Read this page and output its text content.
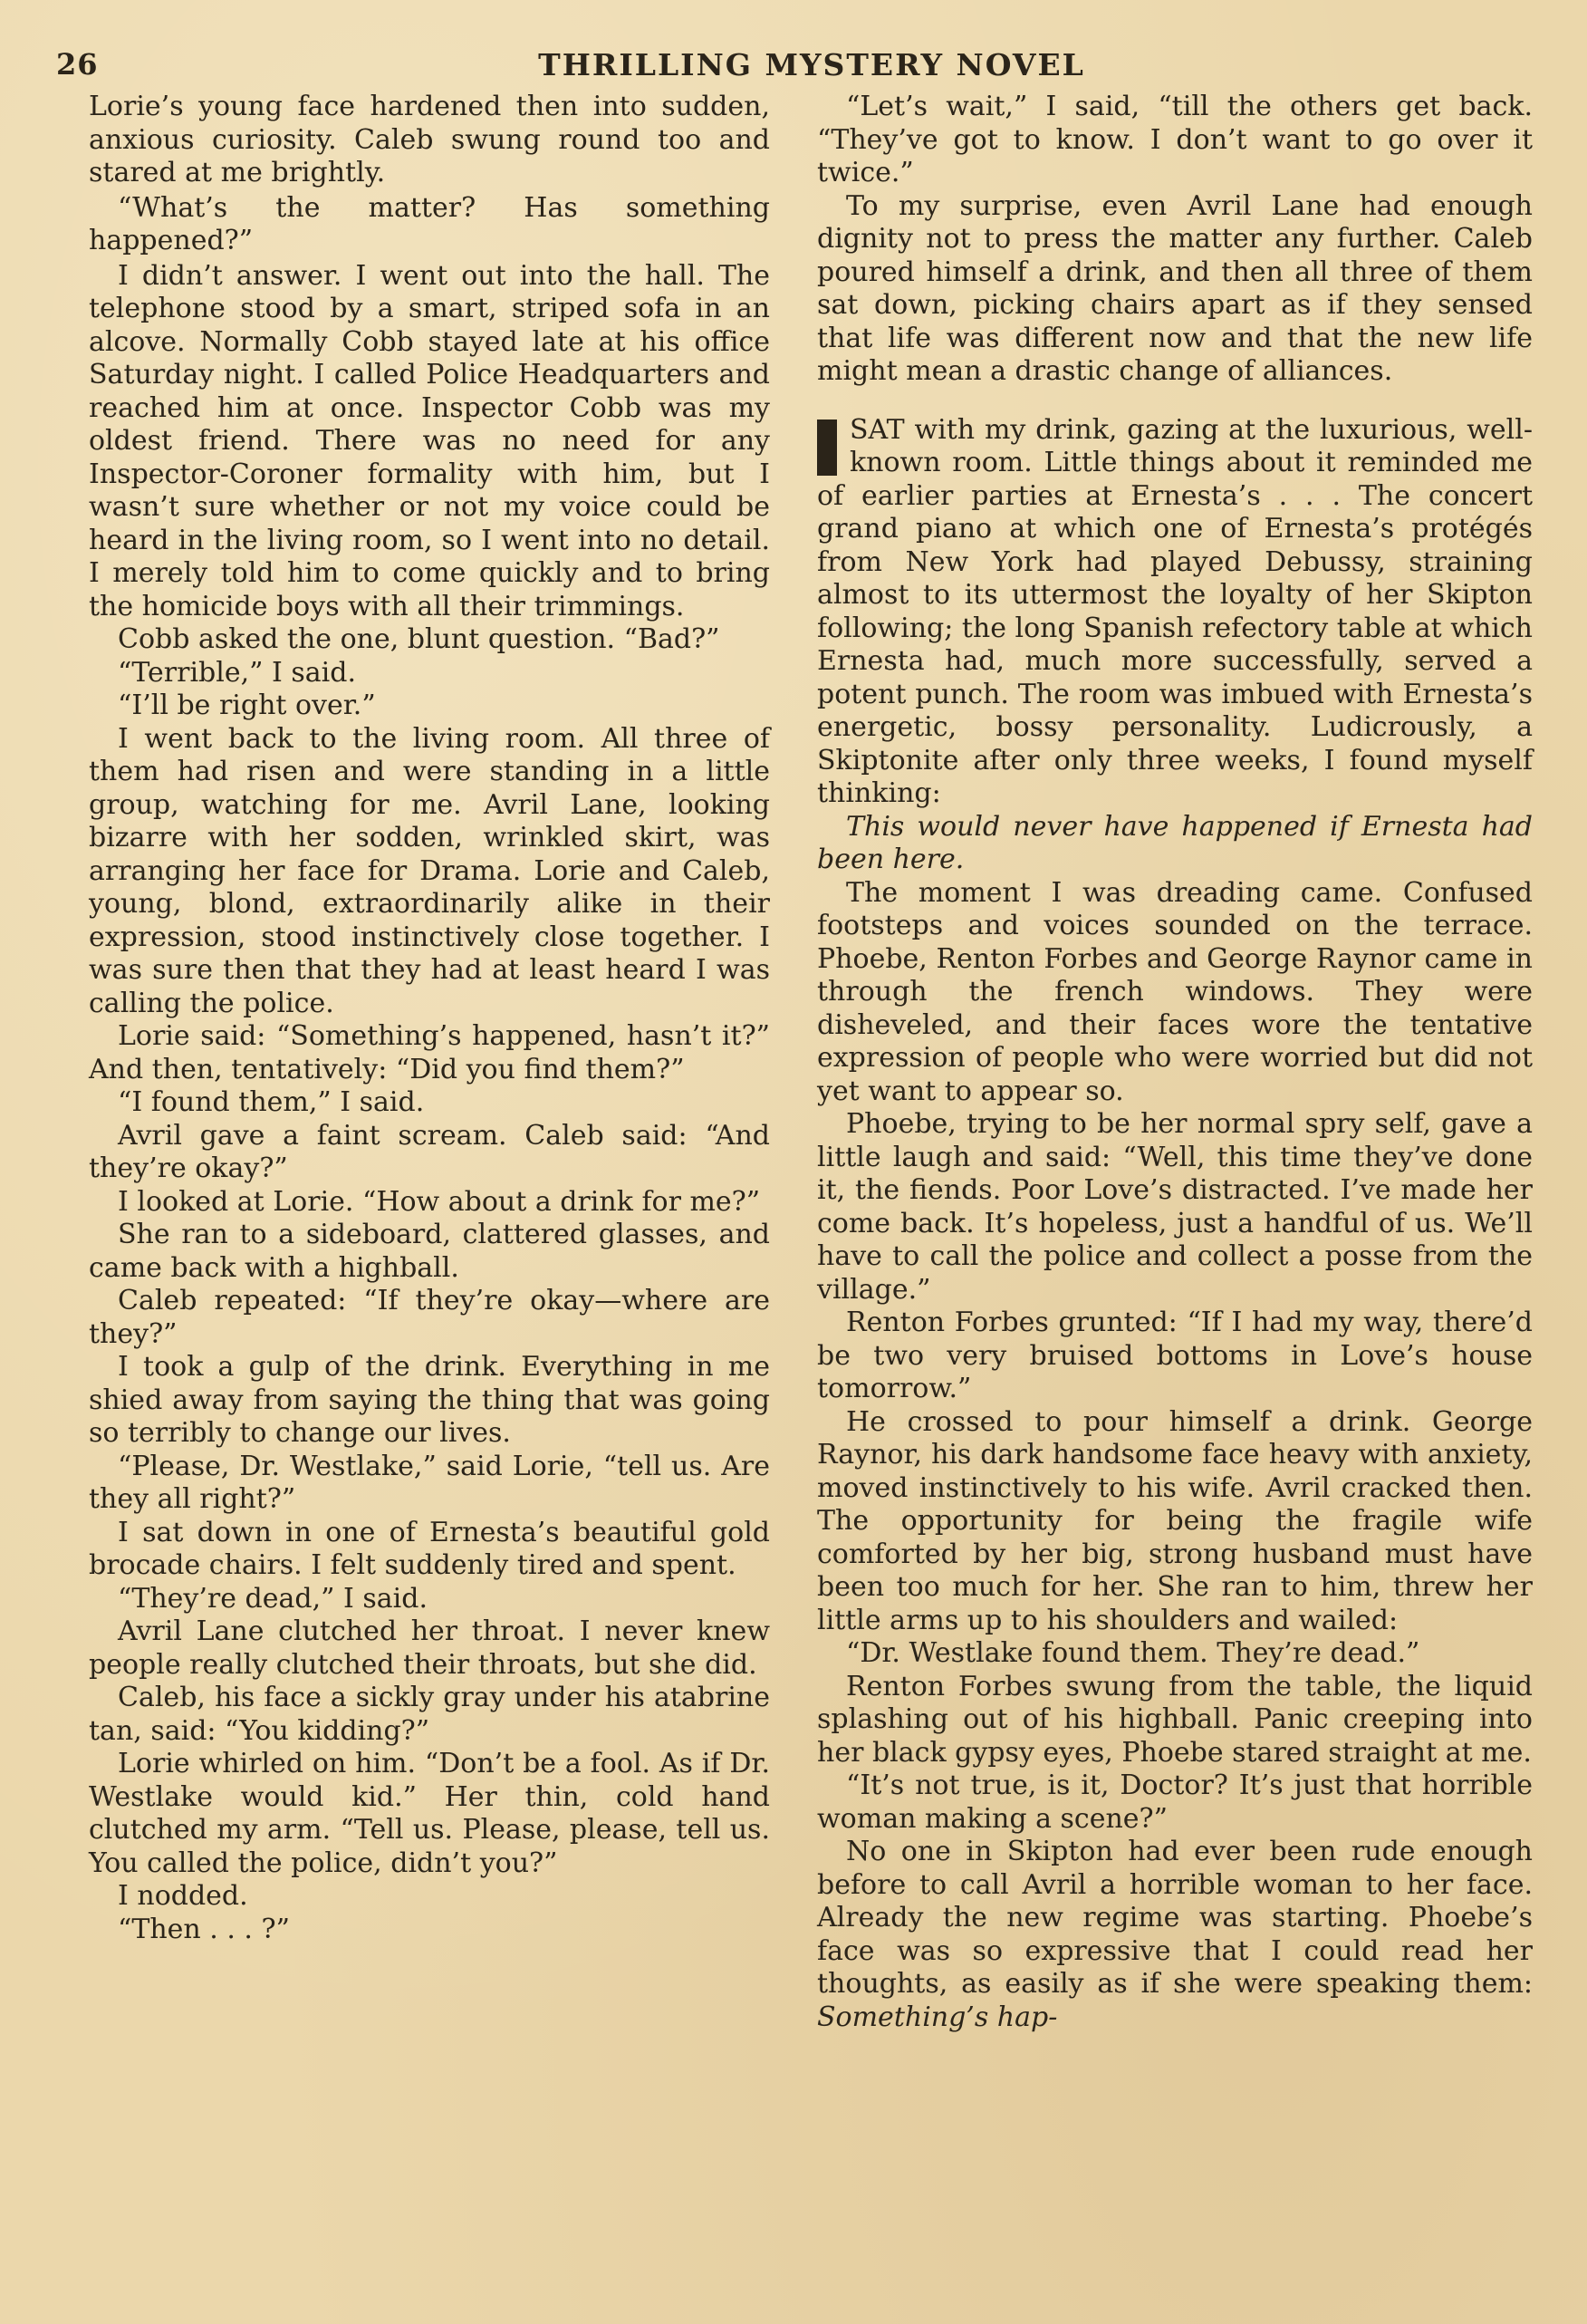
26	THRILLING MYSTERY NOVEL

Lorie’s young face hardened then into sudden, anxious curiosity. Caleb swung round too and stared at me brightly.

“What’s the matter? Has something happened?”

I didn’t answer. I went out into the hall. The telephone stood by a smart, striped sofa in an alcove. Normally Cobb stayed late at his office Saturday night. I called Police Headquarters and reached him at once. Inspector Cobb was my oldest friend. There was no need for any Inspector-Coroner formality with him, but I wasn’t sure whether or not my voice could be heard in the living room, so I went into no detail. I merely told him to come quickly and to bring the homicide boys with all their trimmings.

Cobb asked the one, blunt question. “Bad?”

“Terrible,” I said.

“I’ll be right over.”

I went back to the living room. All three of them had risen and were standing in a little group, watching for me. Avril Lane, looking bizarre with her sodden, wrinkled skirt, was arranging her face for Drama. Lorie and Caleb, young, blond, extraordinarily alike in their expression, stood instinctively close together. I was sure then that they had at least heard I was calling the police.

Lorie said: “Something’s happened, hasn’t it?” And then, tentatively: “Did you find them?”

“I found them,” I said.

Avril gave a faint scream. Caleb said: “And they’re okay?”

I looked at Lorie. “How about a drink for me?”

She ran to a sideboard, clattered glasses, and came back with a highball.

Caleb repeated: “If they’re okay—where are they?”

I took a gulp of the drink. Everything in me shied away from saying the thing that was going so terribly to change our lives.

“Please, Dr. Westlake,” said Lorie, “tell us. Are they all right?”

I sat down in one of Ernesta’s beautiful gold brocade chairs. I felt suddenly tired and spent.

“They’re dead,” I said.

Avril Lane clutched her throat. I never knew people really clutched their throats, but she did.

Caleb, his face a sickly gray under his atabrine tan, said: “You kidding?”

Lorie whirled on him. “Don’t be a fool. As if Dr. Westlake would kid.” Her thin, cold hand clutched my arm. “Tell us. Please, please, tell us. You called the police, didn’t you?”

I nodded.

“Then . . . ?”

“Let’s wait,” I said, “till the others get back. “They’ve got to know. I don’t want to go over it twice.”

To my surprise, even Avril Lane had enough dignity not to press the matter any further. Caleb poured himself a drink, and then all three of them sat down, picking chairs apart as if they sensed that life was different now and that the new life might mean a drastic change of alliances.

SAT with my drink, gazing at the luxurious, well-known room. Little things about it reminded me of earlier parties at Ernesta’s . . . The concert grand piano at which one of Ernesta’s protégés from New York had played Debussy, straining almost to its uttermost the loyalty of her Skipton following; the long Spanish refectory table at which Ernesta had, much more successfully, served a potent punch. The room was imbued with Ernesta’s energetic, bossy personality. Ludicrously, a Skiptonite after only three weeks, I found myself thinking:

This would never have happened if Ernesta had been here.

The moment I was dreading came. Confused footsteps and voices sounded on the terrace. Phoebe, Renton Forbes and George Raynor came in through the french windows. They were disheveled, and their faces wore the tentative expression of people who were worried but did not yet want to appear so.

Phoebe, trying to be her normal spry self, gave a little laugh and said: “Well, this time they’ve done it, the fiends. Poor Love’s distracted. I’ve made her come back. It’s hopeless, just a handful of us. We’ll have to call the police and collect a posse from the village.”

Renton Forbes grunted: “If I had my way, there’d be two very bruised bottoms in Love’s house tomorrow.”

He crossed to pour himself a drink. George Raynor, his dark handsome face heavy with anxiety, moved instinctively to his wife. Avril cracked then. The opportunity for being the fragile wife comforted by her big, strong husband must have been too much for her. She ran to him, threw her little arms up to his shoulders and wailed:

“Dr. Westlake found them. They’re dead.”

Renton Forbes swung from the table, the liquid splashing out of his highball. Panic creeping into her black gypsy eyes, Phoebe stared straight at me.

“It’s not true, is it, Doctor? It’s just that horrible woman making a scene?”

No one in Skipton had ever been rude enough before to call Avril a horrible woman to her face. Already the new regime was starting. Phoebe’s face was so expressive that I could read her thoughts, as easily as if she were speaking them: Something’s hap-
